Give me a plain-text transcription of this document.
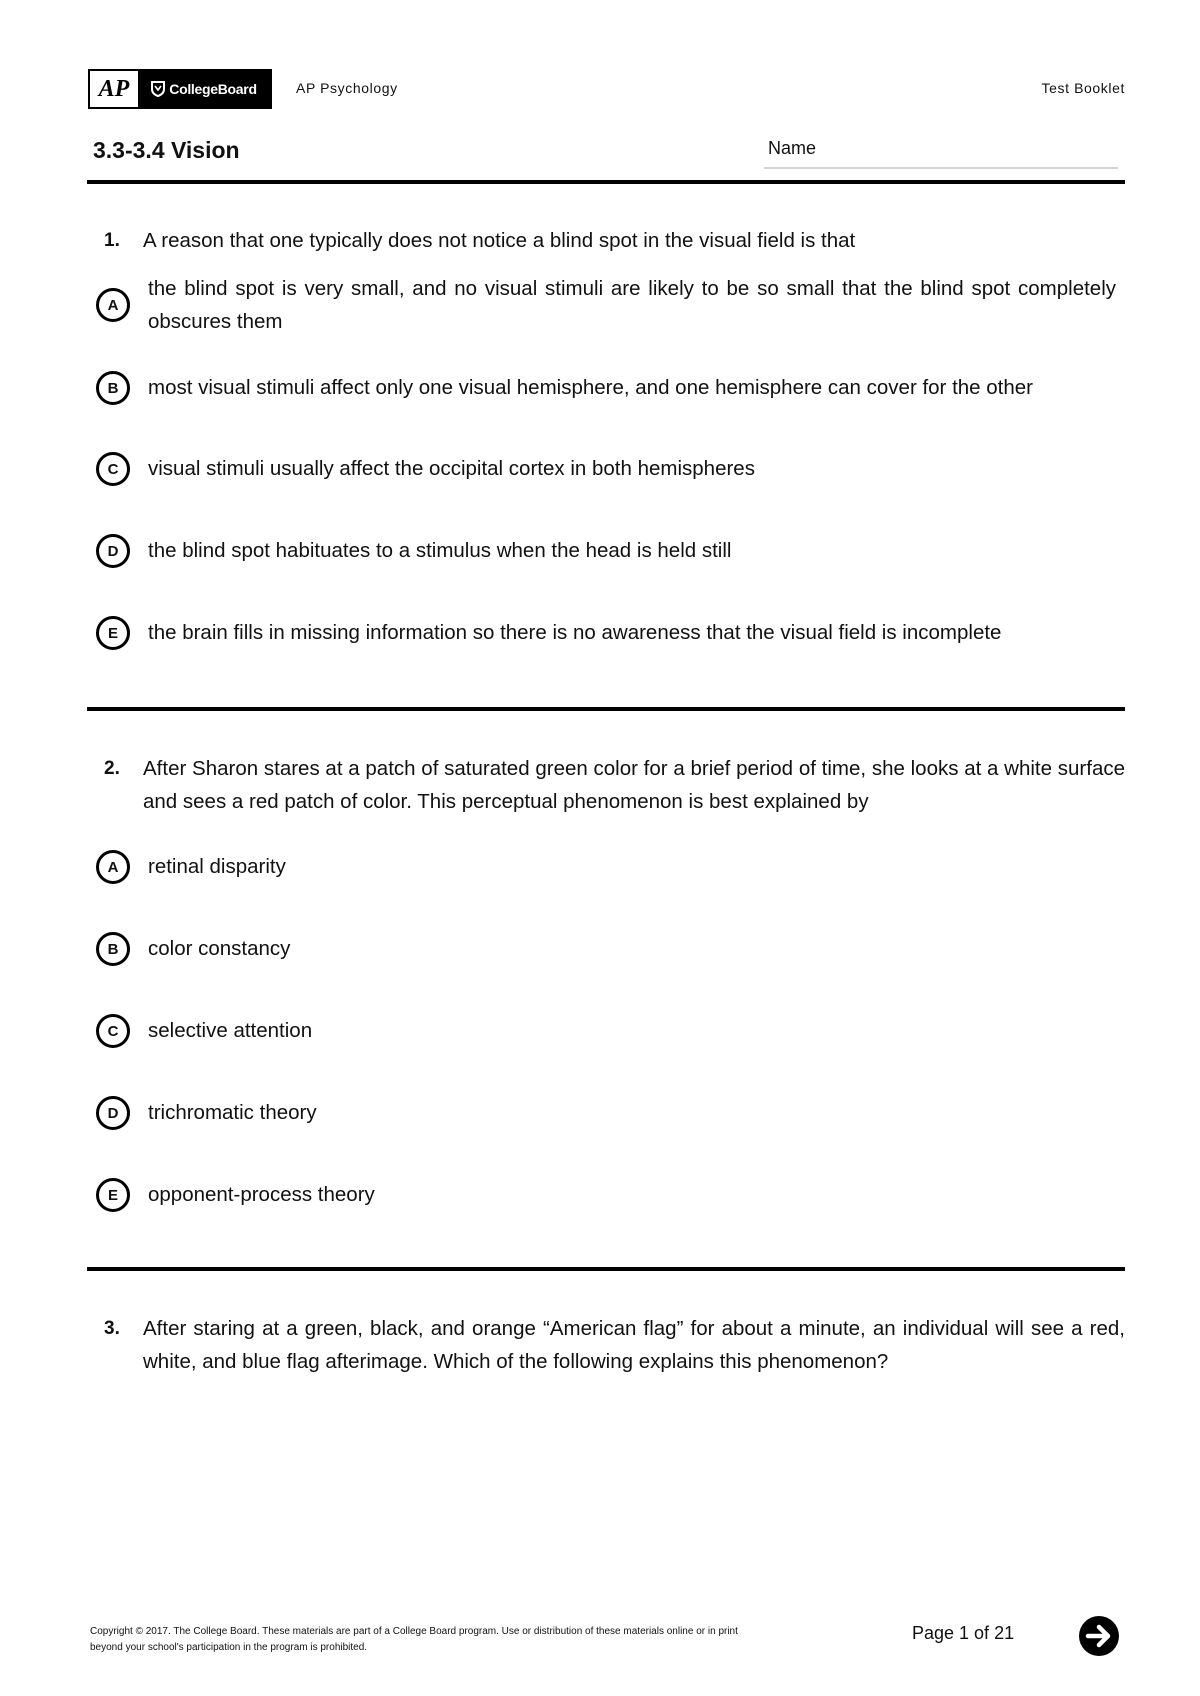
AP	CollegeBoard	AP Psychology	Test Booklet
3.3-3.4 Vision	Name
1. A reason that one typically does not notice a blind spot in the visual field is that
A
the blind spot is very small, and no visual stimuli are likely to be so small that the blind spot completely obscures them
B	most visual stimuli affect only one visual hemisphere, and one hemisphere can cover for the other
C	visual stimuli usually affect the occipital cortex in both hemispheres
D	the blind spot habituates to a stimulus when the head is held still
E	the brain fills in missing information so there is no awareness that the visual field is incomplete
2. After Sharon stares at a patch of saturated green color for a brief period of time, she looks at a white surface and sees a red patch of color. This perceptual phenomenon is best explained by
A	retinal disparity
B	color constancy
C	selective attention
D	trichromatic theory
E	opponent-process theory
3. After staring at a green, black, and orange “American flag” for about a minute, an individual will see a red, white, and blue flag afterimage. Which of the following explains this phenomenon?
Copyright © 2017. The College Board. These materials are part of a College Board program. Use or distribution of these materials online or in print
beyond your school's participation in the program is prohibited.
Page 1 of 21
